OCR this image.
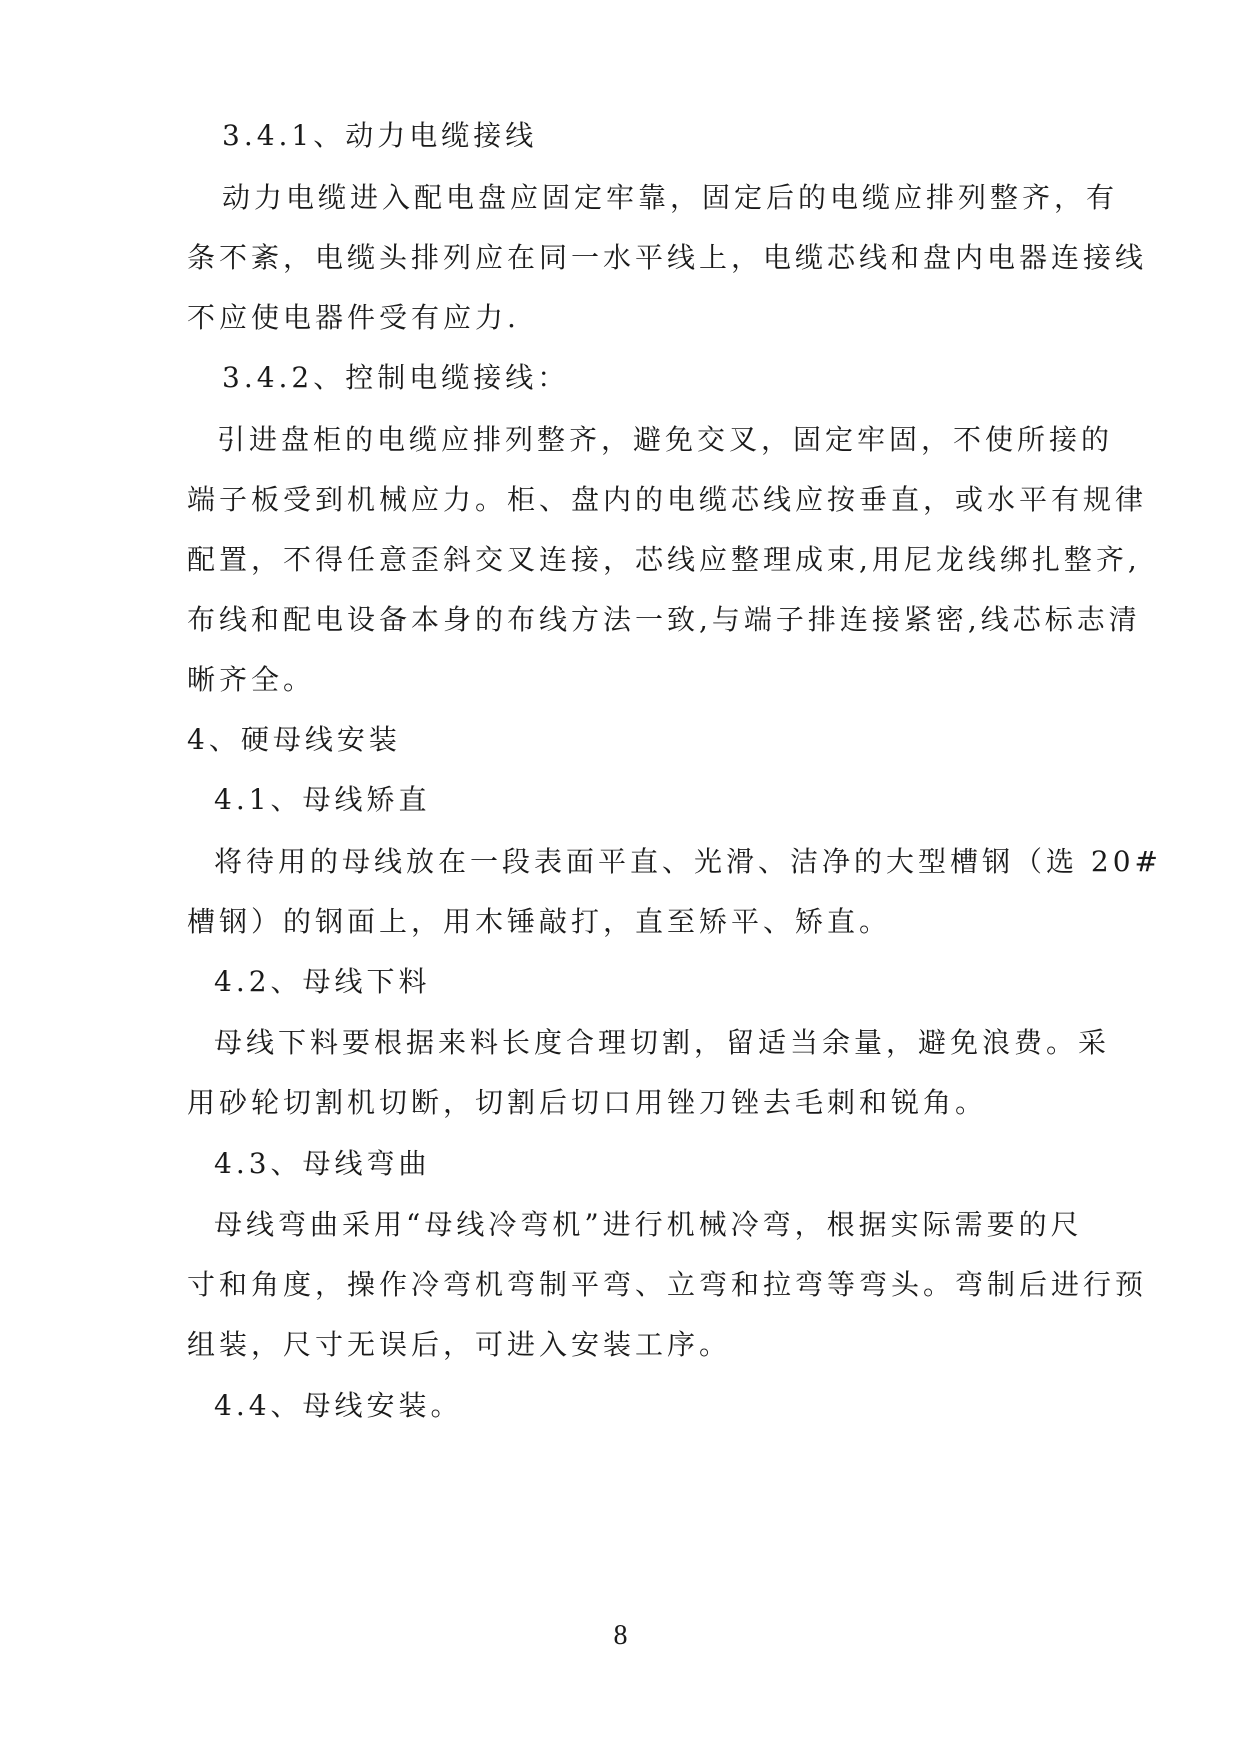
3.4.1、动力电缆接线
动力电缆进入配电盘应固定牢靠，固定后的电缆应排列整齐，有
条不紊，电缆头排列应在同一水平线上，电缆芯线和盘内电器连接线
不应使电器件受有应力.
3.4.2、控制电缆接线：
引进盘柜的电缆应排列整齐，避免交叉，固定牢固，不使所接的
端子板受到机械应力。柜、盘内的电缆芯线应按垂直，或水平有规律
配置，不得任意歪斜交叉连接，芯线应整理成束,用尼龙线绑扎整齐,
布线和配电设备本身的布线方法一致,与端子排连接紧密,线芯标志清
晰齐全。
4、硬母线安装
4.1、母线矫直
将待用的母线放在一段表面平直、光滑、洁净的大型槽钢（选 20#
槽钢）的钢面上，用木锤敲打，直至矫平、矫直。
4.2、母线下料
母线下料要根据来料长度合理切割，留适当余量，避免浪费。采
用砂轮切割机切断，切割后切口用锉刀锉去毛刺和锐角。
4.3、母线弯曲
母线弯曲采用“母线冷弯机”进行机械冷弯，根据实际需要的尺
寸和角度，操作冷弯机弯制平弯、立弯和拉弯等弯头。弯制后进行预
组装，尺寸无误后，可进入安装工序。
4.4、母线安装。
8
